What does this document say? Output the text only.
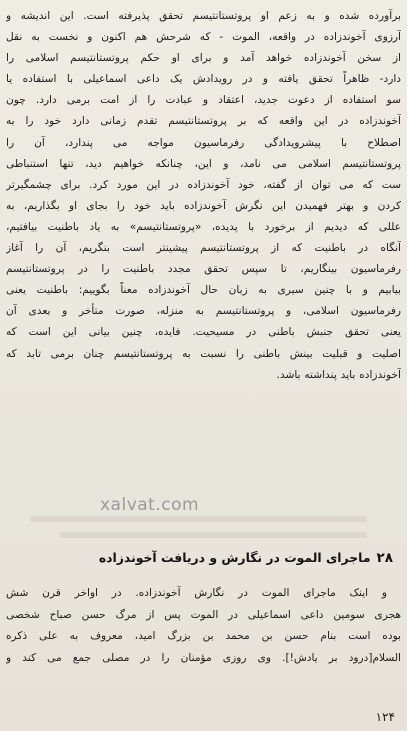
برآورده شده و به زعم او پروتستانتیسم تحقق پذیرفته است. این اندیشه و
آرزوی آخوندزاده در واقعه، الموت - که شرحش هم اکنون و نخست به نقل
از سخن آخوندزاده خواهد آمد و برای او حکم پروتستانتیسم اسلامی را
دارد- ظاهراً تحقق یافته و در رویدادش یک داعی اسماعیلی با استفاده یا
سو استفاده از دعوت جدید، اعتقاد و عبادت را از امت برمی دارد. چون
آخوندزاده در این واقعه که بر پروتستانتیسم تقدم زمانی دارد خود را به
اصطلاح با پیشرویدادگی رفرماسیون مواجه می پندارد، آن را
پروتستانتیسم اسلامی می نامد، و این، چنانکه خواهیم دید، تنها استنباطی
ست که می توان از گفته، خود آخوندزاده در این مورد کرد. برای چشمگیرتر
کردن و بهتر فهمیدن این نگرش آخوندزاده باید خود را بجای او بگذاریم، به
عللی که دیدیم از برخورد با پدیده، «پروتستانتیسم» به یاد باطنیت بیافتیم،
آنگاه در باطنیت که از پروتستانتیسم پیشینتر است بنگریم، آن را آغاز
رفرماسیون بینگاریم، تا سپس تحقق مجدد باطنیت را در پروتستانتیسم
بیابیم و با چنین سیری به زبان حال آخوندزاده معناً بگوییم: باطنیت یعنی
رفرماسیون اسلامی، و پروتستانتیسم به منزله، صورت متأخر و بعدی آن
یعنی تحقق جنبش باطنی در مسیحیت. فایده، چنین بیانی این است که
اصلیت و قبلیت بینش باطنی را نسبت به پروتستانتیسم چنان برمی تابد که
آخوندزاده باید پنداشته باشد.
xalvat.com
۲۸ماجرای الموت در نگارش و دریافت آخوندزاده
و اینک ماجرای الموت در نگارش آخوندزاده. در اواخر قرن شش
هجری سومین داعی اسماعیلی در الموت پس از مرگ حسن صباح شخصی
بوده است بنام حسن بن محمد بن بزرگ امید، معروف به علی ذکره
السلام[درود بر یادش!]. وی روزی مؤمنان را در مصلی جمع می کند و
۱۲۴
